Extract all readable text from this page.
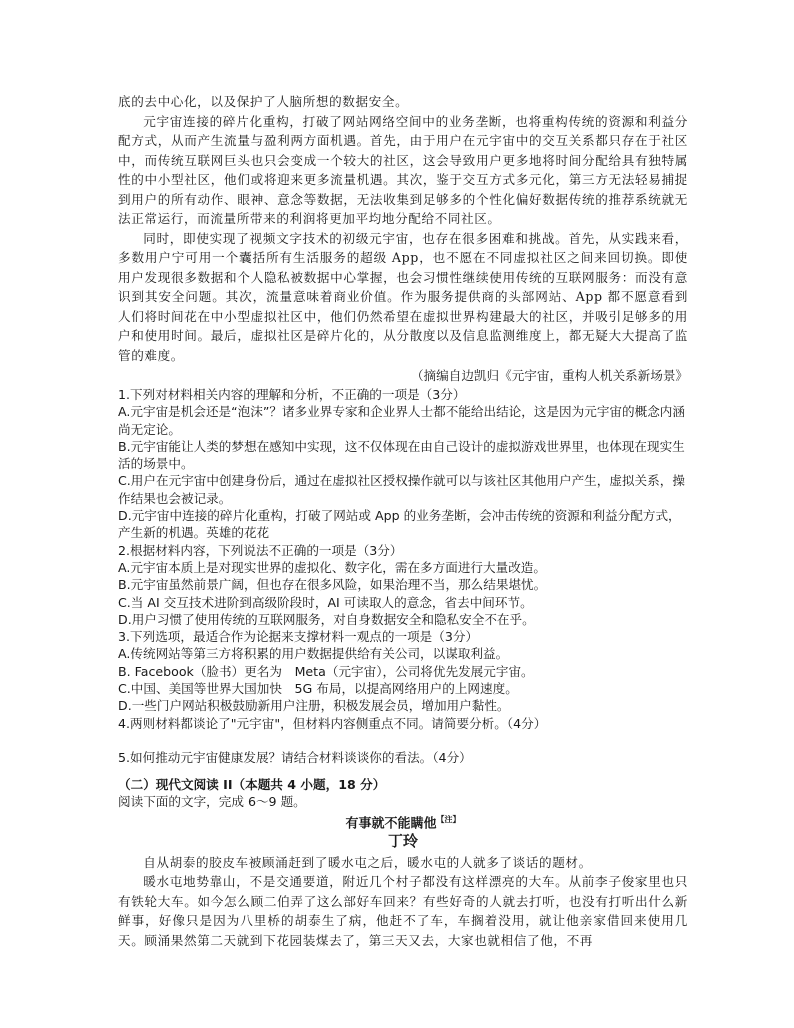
底的去中心化，以及保护了人脑所想的数据安全。

元宇宙连接的碎片化重构，打破了网站网络空间中的业务垄断，也将重构传统的资源和利益分配方式，从而产生流量与盈利两方面机遇。首先，由于用户在元宇宙中的交互关系都只存在于社区中，而传统互联网巨头也只会变成一个较大的社区，这会导致用户更多地将时间分配给具有独特属性的中小型社区，他们或将迎来更多流量机遇。其次，鉴于交互方式多元化，第三方无法轻易捕捉到用户的所有动作、眼神、意念等数据，无法收集到足够多的个性化偏好数据传统的推荐系统就无法正常运行，而流量所带来的利润将更加平均地分配给不同社区。

同时，即使实现了视频文字技术的初级元宇宙，也存在很多困难和挑战。首先，从实践来看，多数用户宁可用一个囊括所有生活服务的超级 App，也不愿在不同虚拟社区之间来回切换。即使用户发现很多数据和个人隐私被数据中心掌握，也会习惯性继续使用传统的互联网服务：而没有意识到其安全问题。其次，流量意味着商业价值。作为服务提供商的头部网站、App 都不愿意看到人们将时间花在中小型虚拟社区中，他们仍然希望在虚拟世界构建最大的社区，并吸引足够多的用户和使用时间。最后，虚拟社区是碎片化的，从分散度以及信息监测维度上，都无疑大大提高了监管的难度。

（摘编自边凯归《元宇宙，重构人机关系新场景》

1.下列对材料相关内容的理解和分析，不正确的一项是（3分）

A.元宇宙是机会还是“泡沫”？诸多业界专家和企业界人士都不能给出结论，这是因为元宇宙的概念内涵尚无定论。

B.元宇宙能让人类的梦想在感知中实现，这不仅体现在由自己设计的虚拟游戏世界里，也体现在现实生活的场景中。

C.用户在元宇宙中创建身份后，通过在虚拟社区授权操作就可以与该社区其他用户产生，虚拟关系，操作结果也会被记录。

D.元宇宙中连接的碎片化重构，打破了网站或 App 的业务垄断，会冲击传统的资源和利益分配方式，产生新的机遇。英雄的花花

2.根据材料内容，下列说法不正确的一项是（3分）

A.元宇宙本质上是对现实世界的虚拟化、数字化，需在多方面进行大量改造。

B.元宇宙虽然前景广阔，但也存在很多风险，如果治理不当，那么结果堪忧。

C.当 AI 交互技术进阶到高级阶段时，AI 可读取人的意念，省去中间环节。

D.用户习惯了使用传统的互联网服务，对自身数据安全和隐私安全不在乎。

3.下列选项，最适合作为论据来支撑材料一观点的一项是（3分）

A.传统网站等第三方将积累的用户数据提供给有关公司，以谋取利益。

B. Facebook（脸书）更名为　Meta（元宇宙），公司将优先发展元宇宙。

C.中国、美国等世界大国加快　5G 布局，以提高网络用户的上网速度。

D.一些门户网站积极鼓励新用户注册，积极发展会员，增加用户黏性。

4.两则材料都谈论了"元宇宙"，但材料内容侧重点不同。请简要分析。（4分）

5.如何推动元宇宙健康发展？请结合材料谈谈你的看法。（4分）

（二）现代文阅读 II（本题共 4 小题，18 分）

阅读下面的文字，完成 6～9 题。

有事就不能瞒他$^{【注】}$
丁玲

自从胡泰的胶皮车被顾涌赶到了暖水屯之后，暖水屯的人就多了谈话的题材。

暖水屯地势靠山，不是交通要道，附近几个村子都没有这样漂亮的大车。从前李子俊家里也只有铁轮大车。如今怎么顾二伯弄了这么部好车回来？有些好奇的人就去打听，也没有打听出什么新鲜事，好像只是因为八里桥的胡泰生了病，他赶不了车，车搁着没用，就让他亲家借回来使用几天。顾涌果然第二天就到下花园装煤去了，第三天又去，大家也就相信了他，不再
